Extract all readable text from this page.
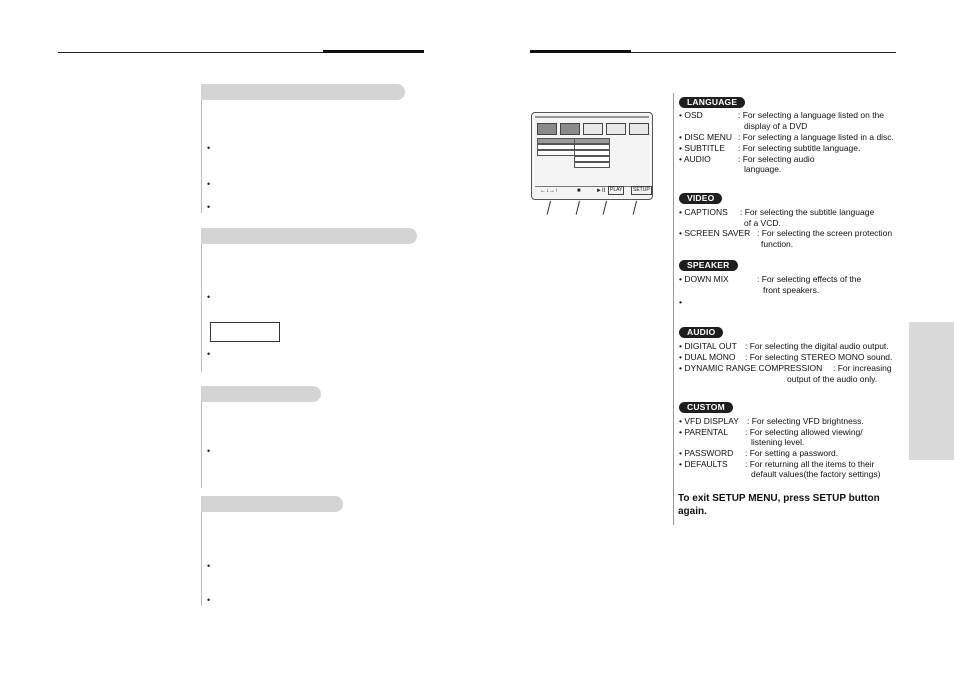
•
•
•
•
•
•
•
•
←↓→↑	■	►II PLAY	SETUP
LANGUAGE
• OSD	: For selecting a language listed on the
display of a DVD
• DISC MENU : For selecting a language listed in a disc.
• SUBTITLE : For selecting subtitle language.
• AUDIO	: For selecting audio
language.
VIDEO
• CAPTIONS : For selecting the subtitle language
of a VCD.
• SCREEN SAVER : For selecting the screen protection
function.
SPEAKER
• DOWN MIX	: For selecting effects of the
front speakers.
•
AUDIO
• DIGITAL OUT : For selecting the digital audio output.
• DUAL MONO : For selecting STEREO MONO sound.
• DYNAMIC RANGE COMPRESSION : For increasing
output of the audio only.
CUSTOM
• VFD DISPLAY : For selecting VFD brightness.
• PARENTAL : For selecting allowed viewing/
listening level.
• PASSWORD : For setting a password.
• DEFAULTS : For returning all the items to their
default values(the factory settings)
To exit SETUP MENU, press SETUP button
again.
